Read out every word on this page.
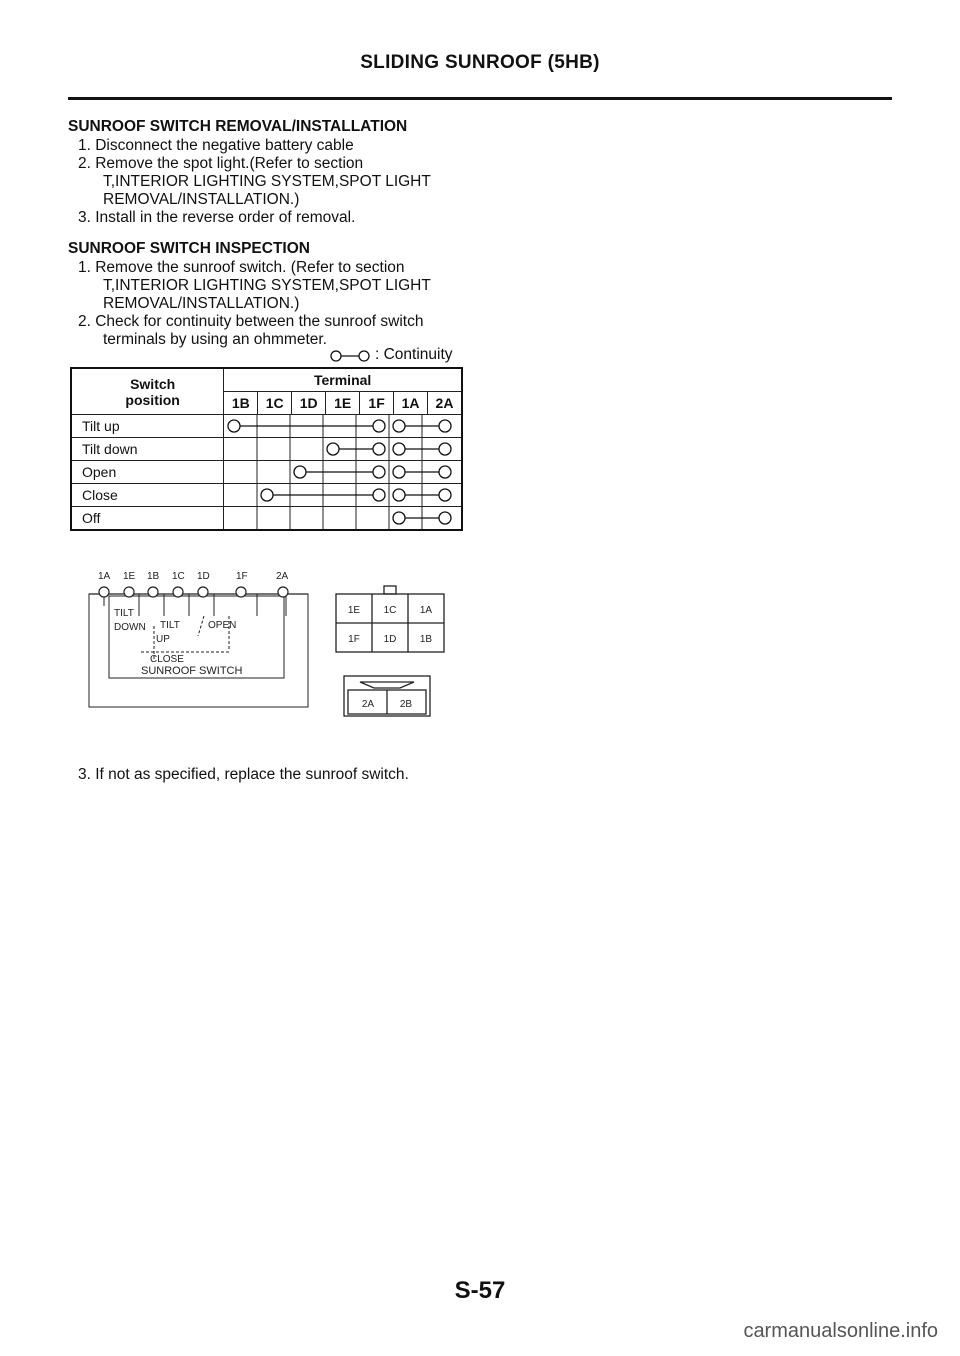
SLIDING SUNROOF (5HB)
SUNROOF SWITCH REMOVAL/INSTALLATION
1. Disconnect the negative battery cable
2. Remove the spot light.(Refer to section
T,INTERIOR LIGHTING SYSTEM,SPOT LIGHT
REMOVAL/INSTALLATION.)
3. Install in the reverse order of removal.
SUNROOF SWITCH INSPECTION
1. Remove the sunroof switch. (Refer to section
T,INTERIOR LIGHTING SYSTEM,SPOT LIGHT
REMOVAL/INSTALLATION.)
2. Check for continuity between the sunroof switch
terminals by using an ohmmeter.
: Continuity
Switch
position	Terminal						
	1B	1C	1D	1E	1F	1A	2A
Tilt up	

Tilt down	

Open	

Close	

Off	
1A 1E 1B 1C 1D	1F	2A
TILT
DOWN TILT
UP
OPEN
CLOSE
SUNROOF SWITCH
1E 1C 1A
1F 1D 1B
2A	2B
3. If not as specified, replace the sunroof switch.
S-57
carmanualsonline.info
